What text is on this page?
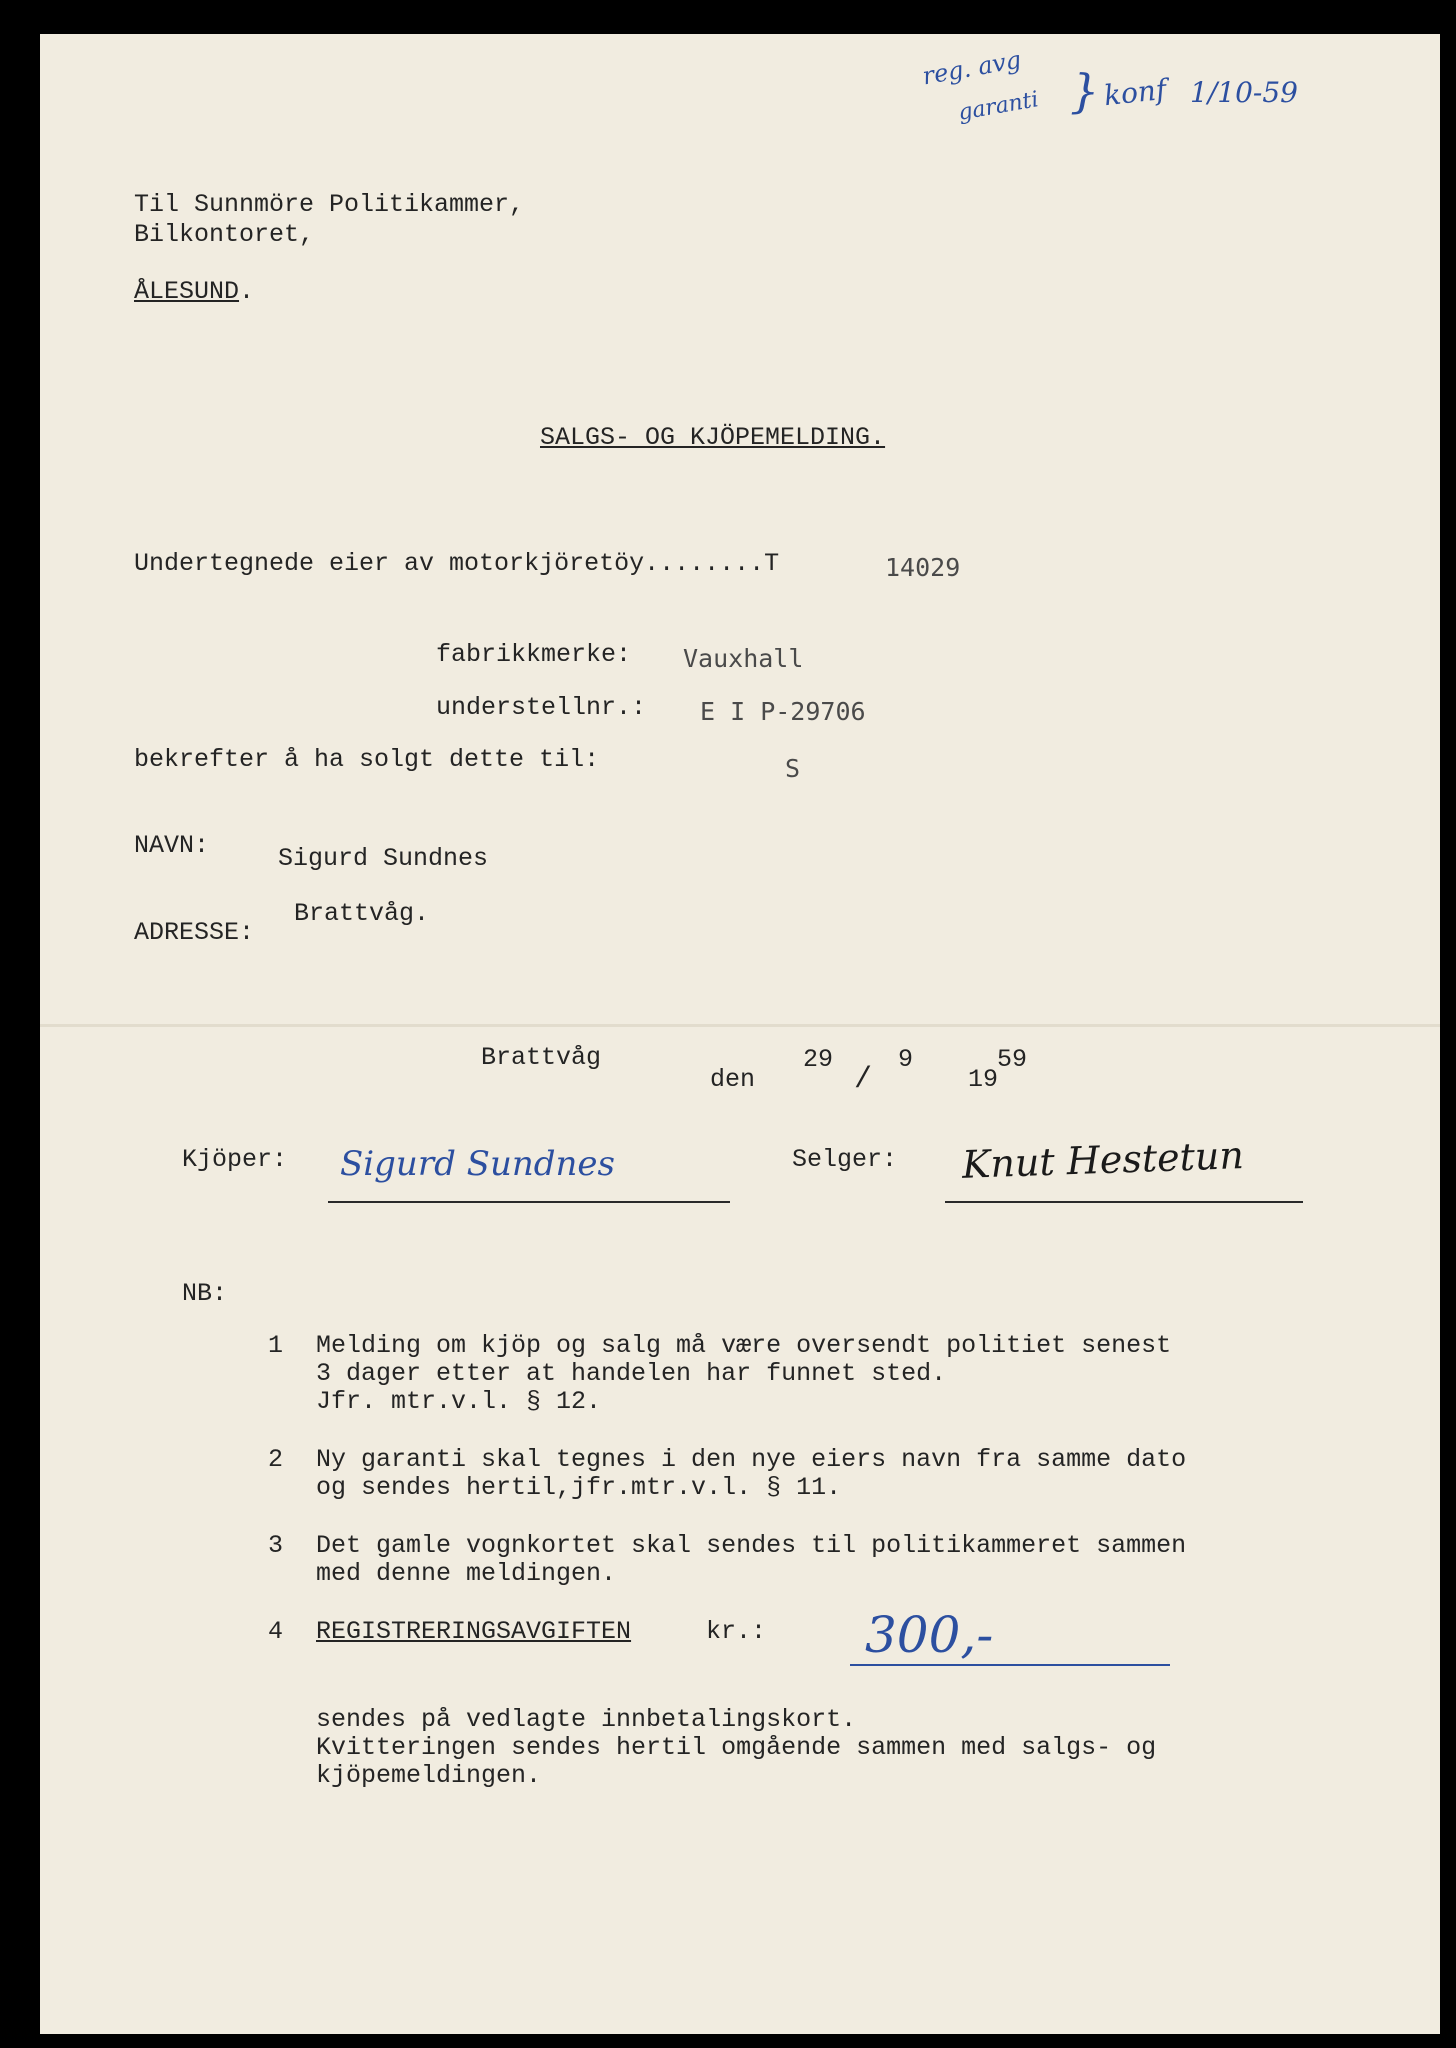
reg. avg
garanti } konf 1/10-59
Til Sunnmöre Politikammer,
Bilkontoret,
ÅLESUND.
SALGS- OG KJÖPEMELDING.
Undertegnede eier av motorkjöretöy........T	14029
fabrikkmerke: Vauxhall
understellnr.: E I P-29706
bekrefter å ha solgt dette til:	S
NAVN:	Sigurd Sundnes
ADRESSE:
Brattvåg.
Brattvåg
den
29
/
9
19
59
Kjöper: Sigurd Sundnes	Selger: Knut Hestetun
NB:
1 Melding om kjöp og salg må være oversendt politiet senest
3 dager etter at handelen har funnet sted.
Jfr. mtr.v.l. § 12.
2 Ny garanti skal tegnes i den nye eiers navn fra samme dato
og sendes hertil,jfr.mtr.v.l. § 11.
3 Det gamle vognkortet skal sendes til politikammeret sammen
med denne meldingen.
4 REGISTRERINGSAVGIFTEN	kr.: 300,-
sendes på vedlagte innbetalingskort.
Kvitteringen sendes hertil omgående sammen med salgs- og
kjöpemeldingen.
